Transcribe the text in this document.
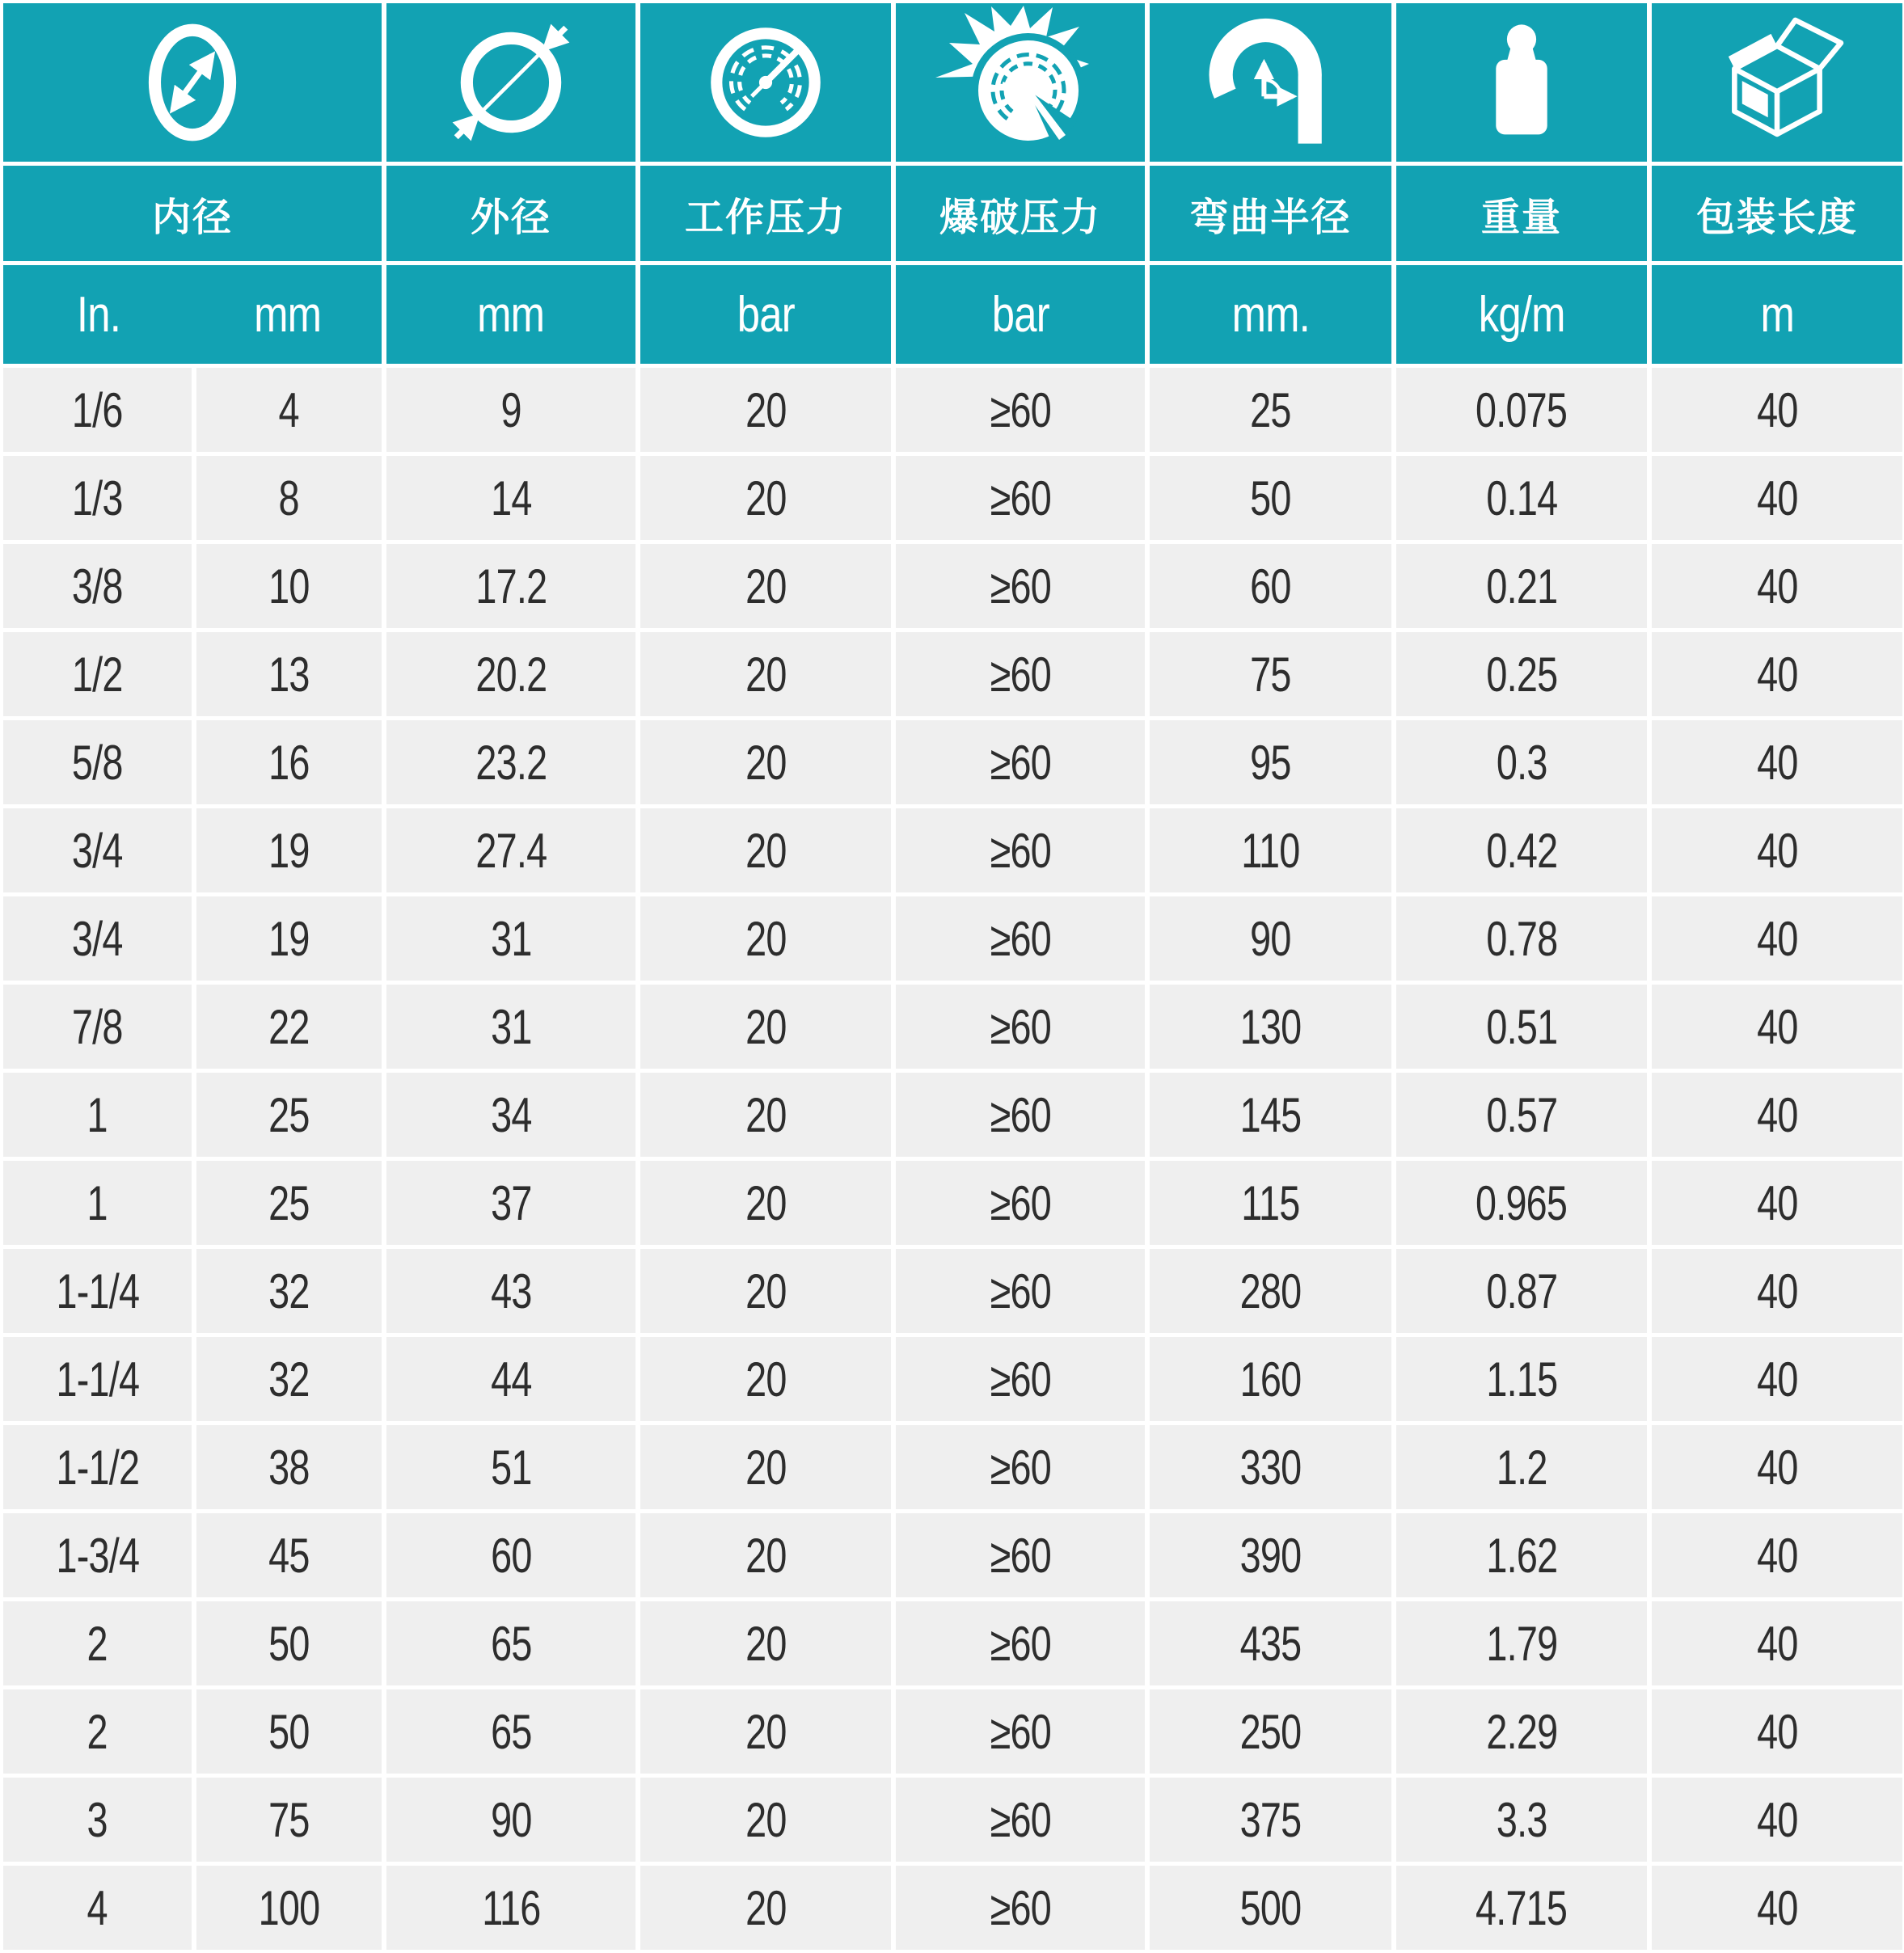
内径	外径	工作压力	爆破压力	弯曲半径	重量	包装长度
In.	mm	mm	bar	bar	mm.	kg/m	m
1/6	4	9	20	≥60	25	0.075	40
1/3	8	14	20	≥60	50	0.14	40
3/8	10	17.2	20	≥60	60	0.21	40
1/2	13	20.2	20	≥60	75	0.25	40
5/8	16	23.2	20	≥60	95	0.3	40
3/4	19	27.4	20	≥60	110	0.42	40
3/4	19	31	20	≥60	90	0.78	40
7/8	22	31	20	≥60	130	0.51	40
1	25	34	20	≥60	145	0.57	40
1	25	37	20	≥60	115	0.965	40
1-1/4	32	43	20	≥60	280	0.87	40
1-1/4	32	44	20	≥60	160	1.15	40
1-1/2	38	51	20	≥60	330	1.2	40
1-3/4	45	60	20	≥60	390	1.62	40
2	50	65	20	≥60	435	1.79	40
2	50	65	20	≥60	250	2.29	40
3	75	90	20	≥60	375	3.3	40
4	100	116	20	≥60	500	4.715	40
